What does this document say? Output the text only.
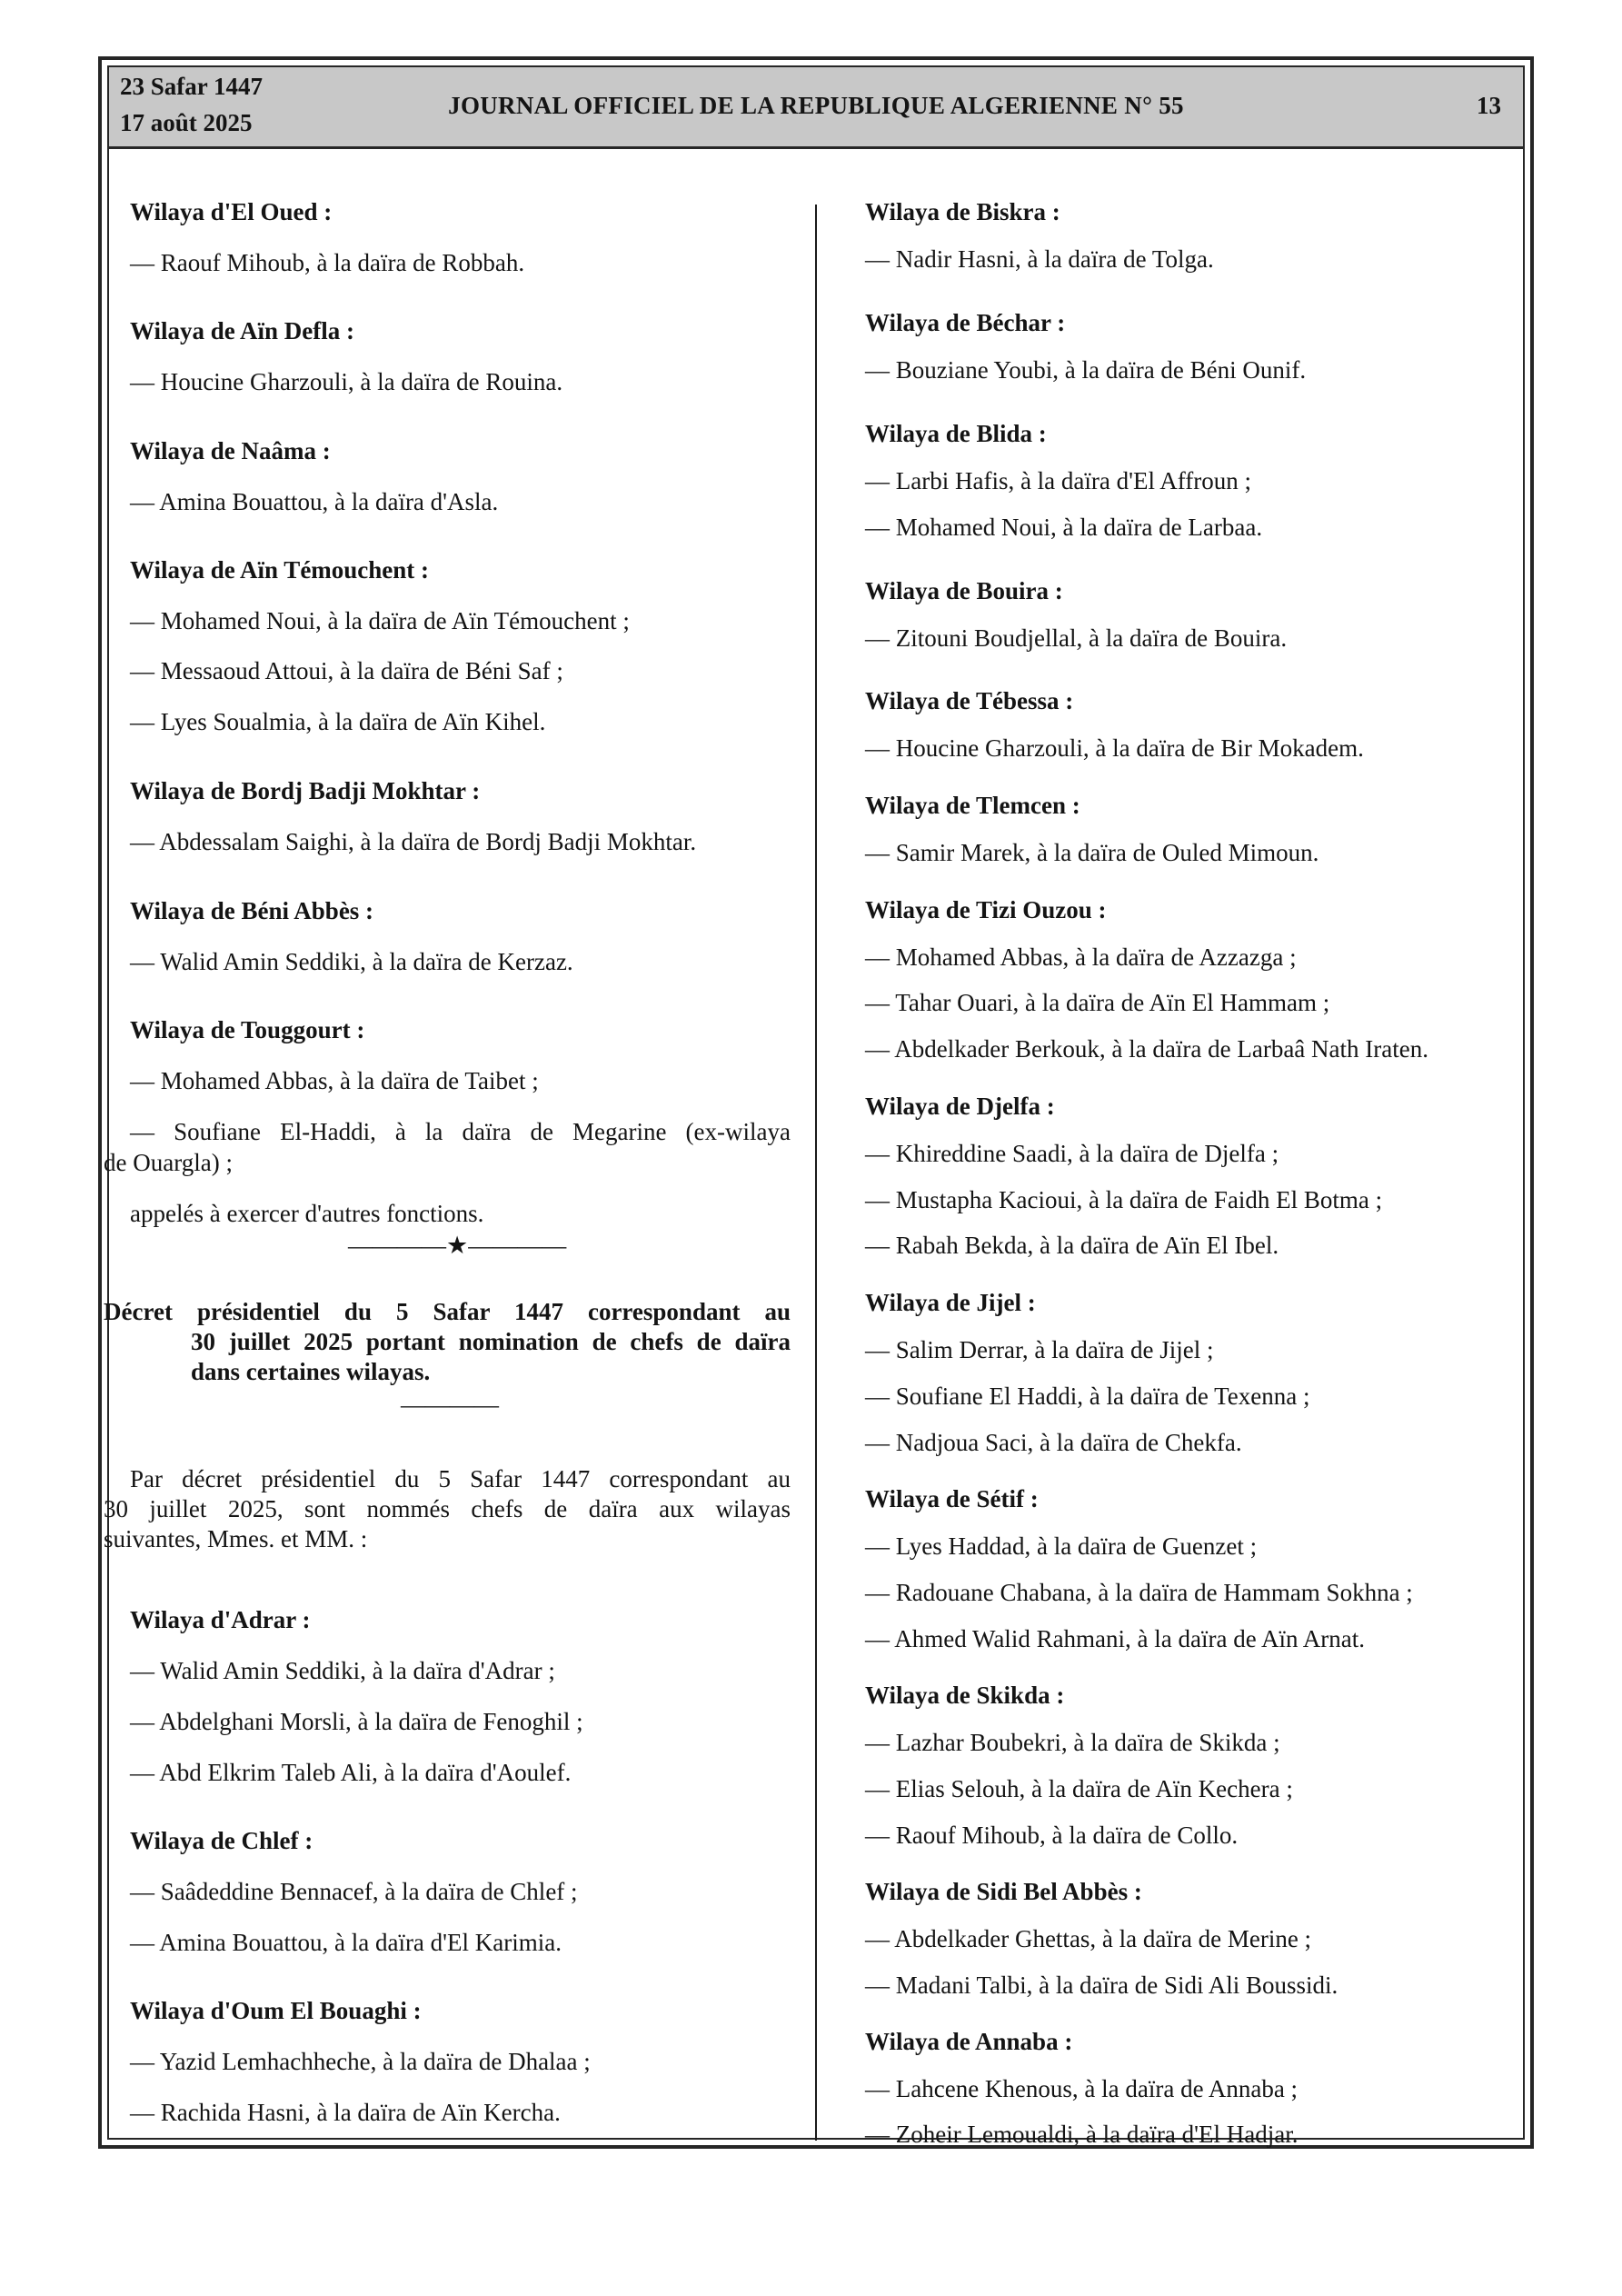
23 Safar 1447
17 août 2025
JOURNAL OFFICIEL DE LA REPUBLIQUE ALGERIENNE N° 55	13
Wilaya d'El Oued :
— Raouf Mihoub, à la daïra de Robbah.
Wilaya de Aïn Defla :
— Houcine Gharzouli, à la daïra de Rouina.
Wilaya de Naâma :
— Amina Bouattou, à la daïra d'Asla.
Wilaya de Aïn Témouchent :
— Mohamed Noui, à la daïra de Aïn Témouchent ;
— Messaoud Attoui, à la daïra de Béni Saf ;
— Lyes Soualmia, à la daïra de Aïn Kihel.
Wilaya de Bordj Badji Mokhtar :
— Abdessalam Saighi, à la daïra de Bordj Badji Mokhtar.
Wilaya de Béni Abbès :
— Walid Amin Seddiki, à la daïra de Kerzaz.
Wilaya de Touggourt :
— Mohamed Abbas, à la daïra de Taibet ;
— Soufiane El-Haddi, à la daïra de Megarine (ex-wilaya
de Ouargla) ;
appelés à exercer d'autres fonctions.
————★————
Décret présidentiel du 5 Safar 1447 correspondant au
30 juillet 2025 portant nomination de chefs de daïra
dans certaines wilayas.
————
Par décret présidentiel du 5 Safar 1447 correspondant au
30 juillet 2025, sont nommés chefs de daïra aux wilayas
suivantes, Mmes. et MM. :
Wilaya d'Adrar :
— Walid Amin Seddiki, à la daïra d'Adrar ;
— Abdelghani Morsli, à la daïra de Fenoghil ;
— Abd Elkrim Taleb Ali, à la daïra d'Aoulef.
Wilaya de Chlef :
— Saâdeddine Bennacef, à la daïra de Chlef ;
— Amina Bouattou, à la daïra d'El Karimia.
Wilaya d'Oum El Bouaghi :
— Yazid Lemhachheche, à la daïra de Dhalaa ;
— Rachida Hasni, à la daïra de Aïn Kercha.
Wilaya de Biskra :
— Nadir Hasni, à la daïra de Tolga.
Wilaya de Béchar :
— Bouziane Youbi, à la daïra de Béni Ounif.
Wilaya de Blida :
— Larbi Hafis, à la daïra d'El Affroun ;
— Mohamed Noui, à la daïra de Larbaa.
Wilaya de Bouira :
— Zitouni Boudjellal, à la daïra de Bouira.
Wilaya de Tébessa :
— Houcine Gharzouli, à la daïra de Bir Mokadem.
Wilaya de Tlemcen :
— Samir Marek, à la daïra de Ouled Mimoun.
Wilaya de Tizi Ouzou :
— Mohamed Abbas, à la daïra de Azzazga ;
— Tahar Ouari, à la daïra de Aïn El Hammam ;
— Abdelkader Berkouk, à la daïra de Larbaâ Nath Iraten.
Wilaya de Djelfa :
— Khireddine Saadi, à la daïra de Djelfa ;
— Mustapha Kacioui, à la daïra de Faidh El Botma ;
— Rabah Bekda, à la daïra de Aïn El Ibel.
Wilaya de Jijel :
— Salim Derrar, à la daïra de Jijel ;
— Soufiane El Haddi, à la daïra de Texenna ;
— Nadjoua Saci, à la daïra de Chekfa.
Wilaya de Sétif :
— Lyes Haddad, à la daïra de Guenzet ;
— Radouane Chabana, à la daïra de Hammam Sokhna ;
— Ahmed Walid Rahmani, à la daïra de Aïn Arnat.
Wilaya de Skikda :
— Lazhar Boubekri, à la daïra de Skikda ;
— Elias Selouh, à la daïra de Aïn Kechera ;
— Raouf Mihoub, à la daïra de Collo.
Wilaya de Sidi Bel Abbès :
— Abdelkader Ghettas, à la daïra de Merine ;
— Madani Talbi, à la daïra de Sidi Ali Boussidi.
Wilaya de Annaba :
— Lahcene Khenous, à la daïra de Annaba ;
— Zoheir Lemoualdi, à la daïra d'El Hadjar.
